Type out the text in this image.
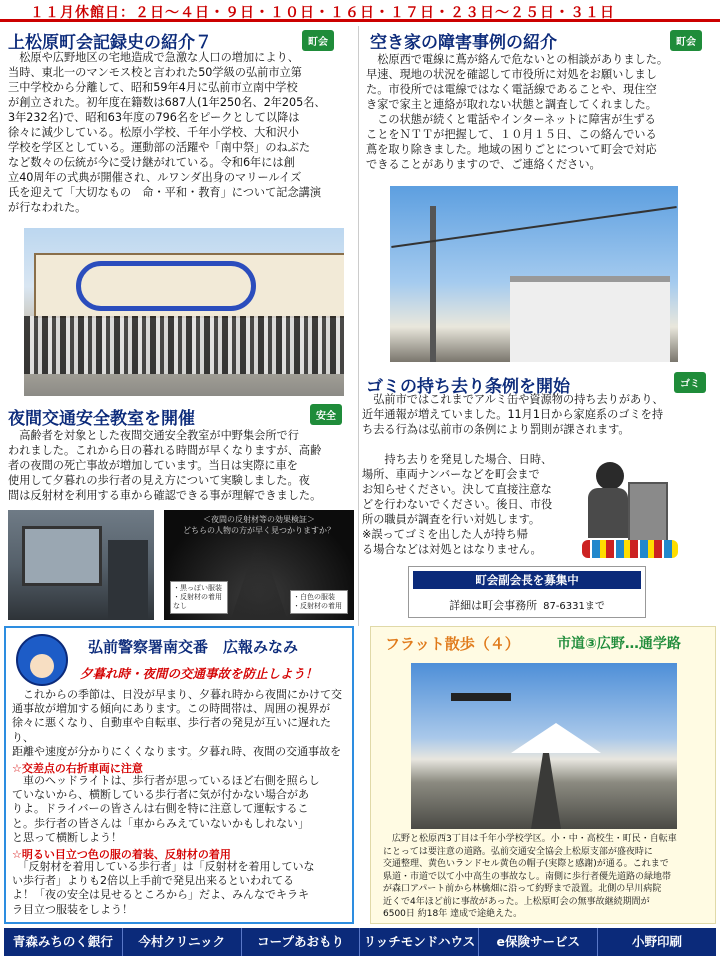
１１月休館日：２日～４日・９日・１０日・１６日・１７日・２３日～２５日・３１日
上松原町会記録史の紹介７	町会
　松原や広野地区の宅地造成で急激な人口の増加により、
当時、東北一のマンモス校と言われた50学級の弘前市立第
三中学校から分離して、昭和59年4月に弘前市立南中学校
が創立された。初年度在籍数は687人(1年250名、2年205名、
3年232名)で、昭和63年度の796名をピークとして以降は
徐々に減少している。松原小学校、千年小学校、大和沢小
学校を学区としている。運動部の活躍や「南中祭」のねぶた
など数々の伝統が今に受け継がれている。令和6年には創
立40周年の式典が開催され、ルワンダ出身のマリールイズ
氏を迎えて「大切なもの　命・平和・教育」について記念講演
が行なわれた。
空き家の障害事例の紹介	町会
　松原西で電線に蔦が絡んで危ないとの相談がありました。
早速、現地の状況を確認して市役所に対処をお願いしまし
た。市役所では電線ではなく電話線であることや、現住空
き家で家主と連絡が取れない状態と調査してくれました。
　この状態が続くと電話やインターネットに障害が生ずる
ことをＮＴＴが把握して、１０月１５日、この絡んでいる
蔦を取り除きました。地域の困りごとについて町会で対応
できることがありますので、ご連絡ください。
夜間交通安全教室を開催	安全
　高齢者を対象とした夜間交通安全教室が中野集会所で行
われました。これから日の暮れる時間が早くなりますが、高齢
者の夜間の死亡事故が増加しています。当日は実際に車を
使用して夕暮れの歩行者の見え方について実験しました。夜
間は反射材を利用する車から確認できる事が理解できました。
＜夜間の反射材等の効果検証＞
どちらの人物の方が早く見つかりますか？
・黒っぽい服装
・反射材の着用なし
・白色の服装
・反射材の着用
ゴミの持ち去り条例を開始	ゴミ
　弘前市ではこれまでアルミ缶や資源物の持ち去りがあり、
近年通報が増えていました。11月1日から家庭系のゴミを持
ち去る行為は弘前市の条例により罰則が課されます。

　　持ち去りを発見した場合、日時、
場所、車両ナンバーなどを町会まで
お知らせください。決して直接注意な
どを行わないでください。後日、市役
所の職員が調査を行い対処します。
※誤ってゴミを出した人が持ち帰
る場合などは対処とはなりません。
町会副会長を募集中
詳細は町会事務所 87-6331まで
弘前警察署南交番　広報みなみ
夕暮れ時・夜間の交通事故を防止しよう！
　これからの季節は、日没が早まり、夕暮れ時から夜間にかけて交
通事故が増加する傾向にあります。この時間帯は、周囲の視界が
徐々に悪くなり、自動車や自転車、歩行者の発見が互いに遅れたり、
距離や速度が分かりにくくなります。夕暮れ時、夜間の交通事故を

☆交差点の右折車両に注意
　車のヘッドライトは、歩行者が思っているほど右側を照らし
ていないから、横断している歩行者に気が付かない場合があ
りよ。ドライバーの皆さんは右側を特に注意して運転するこ
と。歩行者の皆さんは「車からみえていないかもしれない」
と思って横断しよう！
☆明るい目立つ色の服の着装、反射材の着用
　「反射材を着用している歩行者」は「反射材を着用していな
い歩行者」よりも2倍以上手前で発見出来るといわれてる
よ！「夜の安全は見せるところから」だよ、みんなでキラキ
ラ目立つ服装をしよう！
フラット散歩（４）	市道③広野…通学路
　広野と松原西3丁目は千年小学校学区。小・中・高校生・町民・自転車
にとっては要注意の道路。弘前交通安全協会上松原支部が盛夜時に
交通整理、黄色いランドセル黄色の帽子(実際と感謝)が通る。これまで
県道・市道で以て小中高生の事故なし。南側に歩行者優先道路の緑地帯
が森口アパート前から林檎畑に沿って約野まで設置。北側の早川病院
近くで4年ほど前に事故があった。上松原町会の無事故継続期間が
6500日 約18年 達成で途絶えた。
青森みちのく銀行	今村クリニック	コープあおもり	リッチモンドハウス	e保険サービス	小野印刷
